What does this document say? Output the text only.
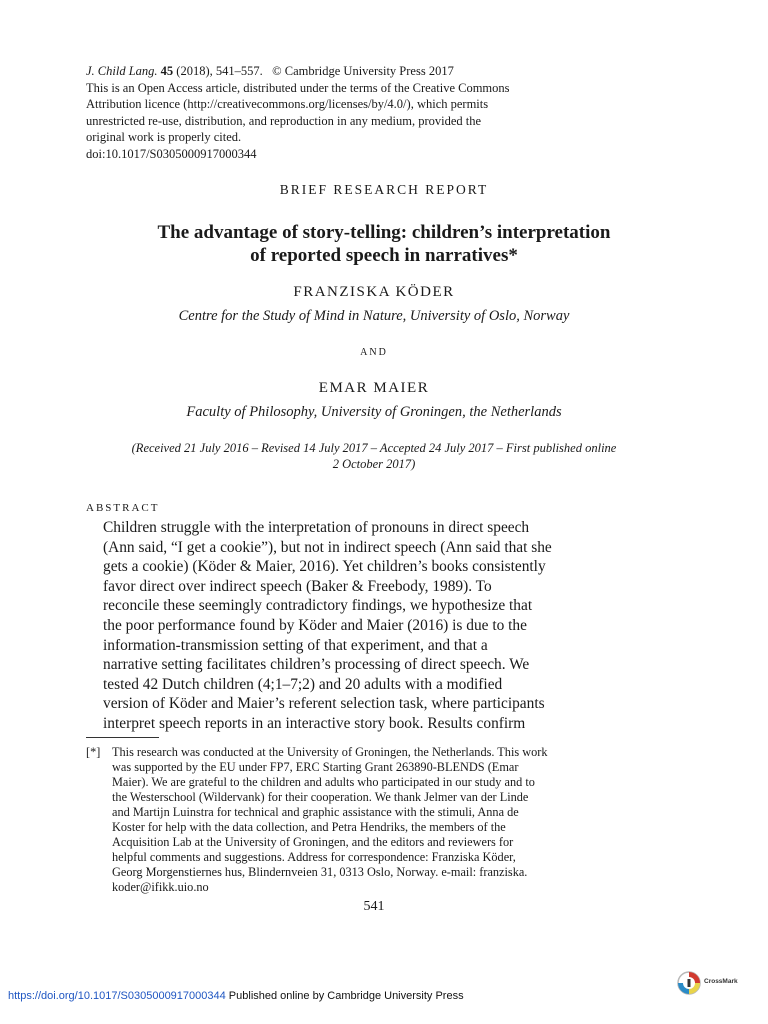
J. Child Lang. 45 (2018), 541–557.   © Cambridge University Press 2017
This is an Open Access article, distributed under the terms of the Creative Commons
Attribution licence (http://creativecommons.org/licenses/by/4.0/), which permits
unrestricted re-use, distribution, and reproduction in any medium, provided the
original work is properly cited.
doi:10.1017/S0305000917000344
BRIEF RESEARCH REPORT
The advantage of story-telling: children’s interpretation
of reported speech in narratives*
FRANZISKA KÖDER
Centre for the Study of Mind in Nature, University of Oslo, Norway
AND
EMAR MAIER
Faculty of Philosophy, University of Groningen, the Netherlands
(Received 21 July 2016 – Revised 14 July 2017 – Accepted 24 July 2017 – First published online
2 October 2017)
ABSTRACT

Children struggle with the interpretation of pronouns in direct speech

(Ann said, “I get a cookie”), but not in indirect speech (Ann said that she

gets a cookie) (Köder & Maier, 2016). Yet children’s books consistently

favor direct over indirect speech (Baker & Freebody, 1989). To

reconcile these seemingly contradictory findings, we hypothesize that

the poor performance found by Köder and Maier (2016) is due to the

information-transmission setting of that experiment, and that a

narrative setting facilitates children’s processing of direct speech. We

tested 42 Dutch children (4;1–7;2) and 20 adults with a modified

version of Köder and Maier’s referent selection task, where participants

interpret speech reports in an interactive story book. Results confirm

[*] This research was conducted at the University of Groningen, the Netherlands. This work

was supported by the EU under FP7, ERC Starting Grant 263890-BLENDS (Emar

Maier). We are grateful to the children and adults who participated in our study and to

the Westerschool (Wildervank) for their cooperation. We thank Jelmer van der Linde

and Martijn Luinstra for technical and graphic assistance with the stimuli, Anna de

Koster for help with the data collection, and Petra Hendriks, the members of the

Acquisition Lab at the University of Groningen, and the editors and reviewers for

helpful comments and suggestions. Address for correspondence: Franziska Köder,

Georg Morgenstiernes hus, Blindernveien 31, 0313 Oslo, Norway. e-mail: franziska.

koder@ifikk.uio.no

541
https://doi.org/10.1017/S0305000917000344 Published online by Cambridge University Press
CrossMark
